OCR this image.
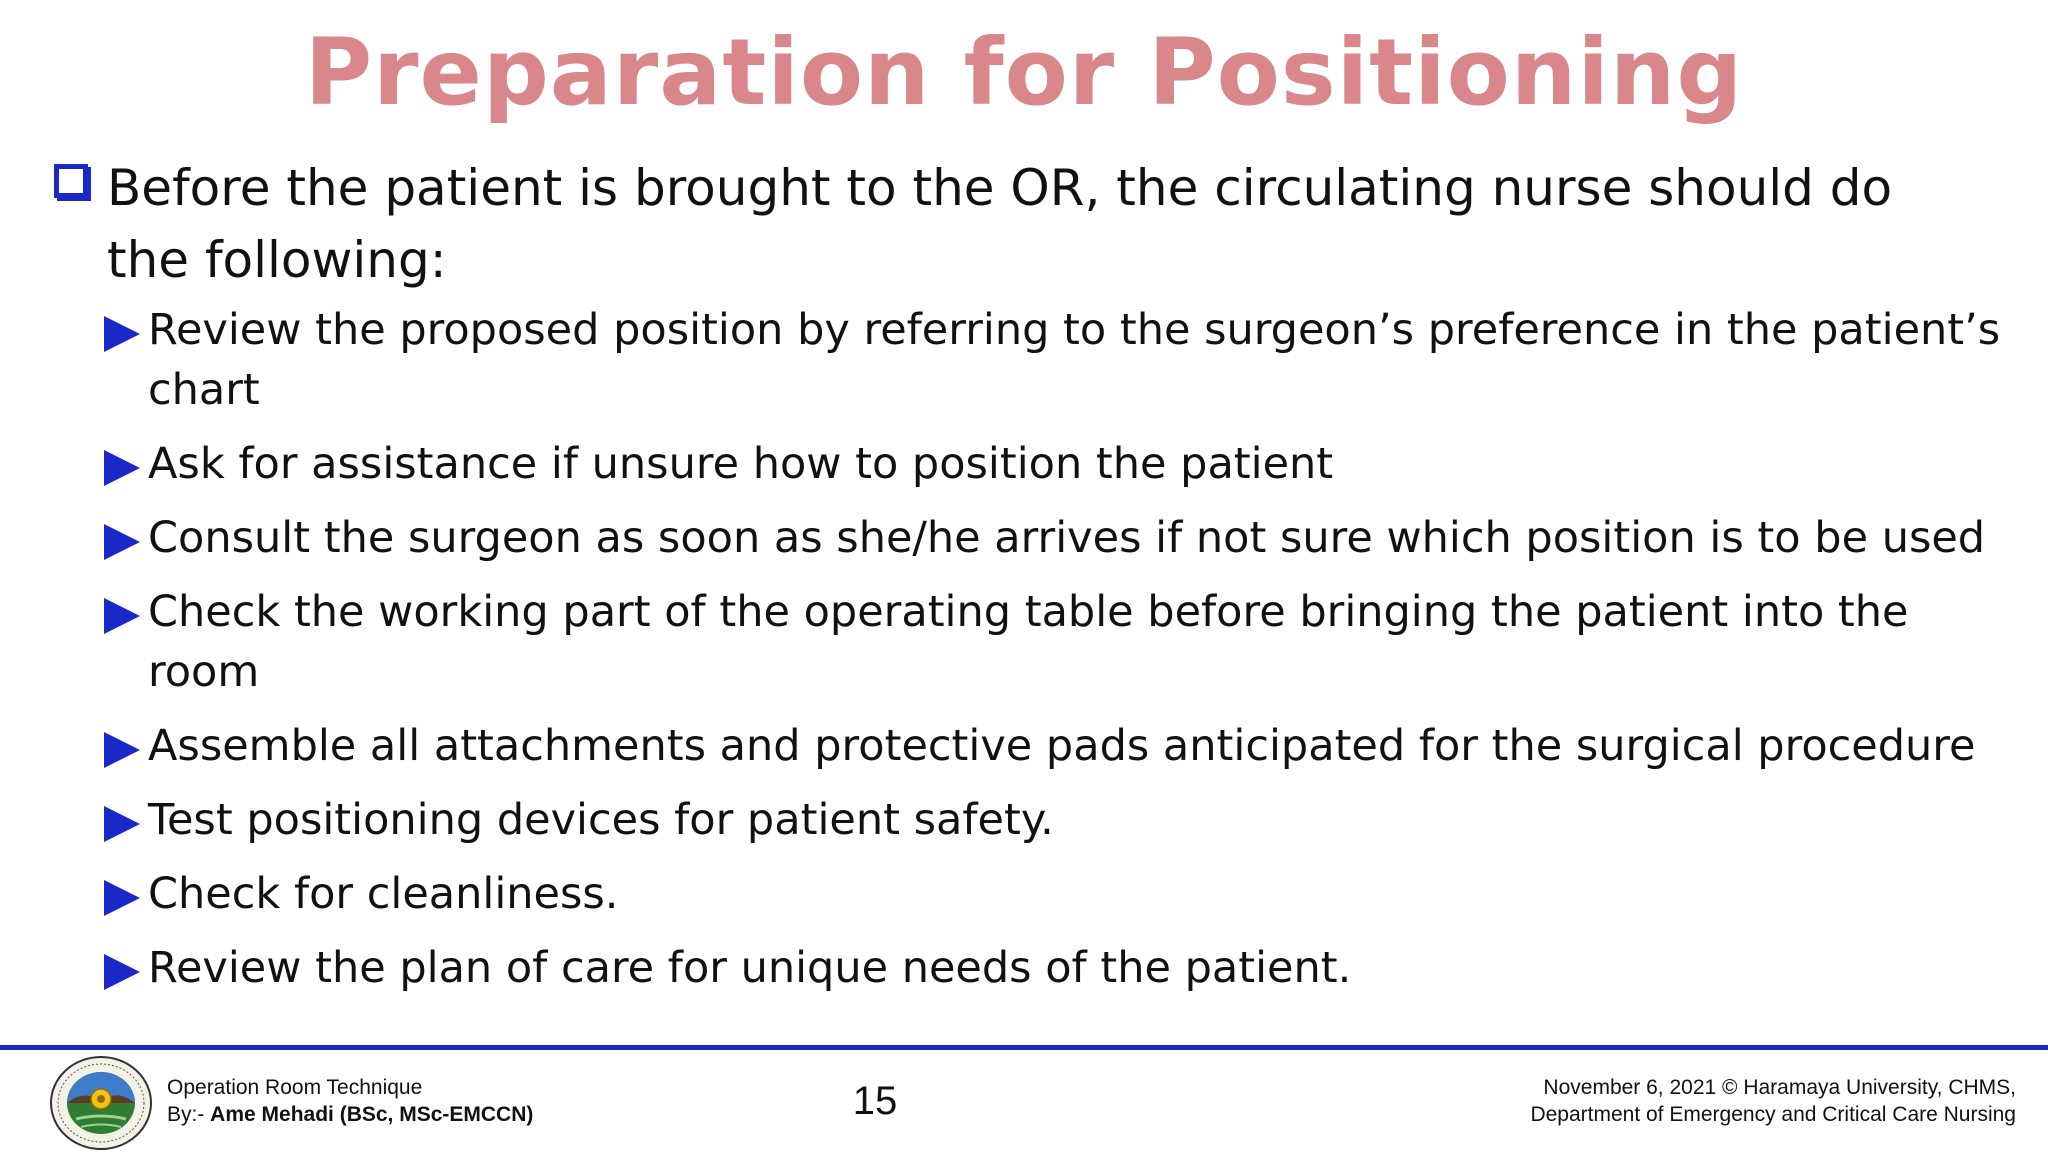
Preparation for Positioning
Before the patient is brought to the OR, the circulating nurse should do the following:
Review the proposed position by referring to the surgeon’s preference in the patient’s chart
Ask for assistance if unsure how to position the patient
Consult the surgeon as soon as she/he arrives if not sure which position is to be used
Check the working part of the operating table before bringing the patient into the room
Assemble all attachments and protective pads anticipated for the surgical procedure
Test positioning devices for patient safety.
Check for cleanliness.
Review the plan of care for unique needs of the patient.
Operation Room Technique
By:- Ame Mehadi (BSc, MSc-EMCCN)	15	November 6, 2021 © Haramaya University, CHMS,
Department of Emergency and Critical Care Nursing
